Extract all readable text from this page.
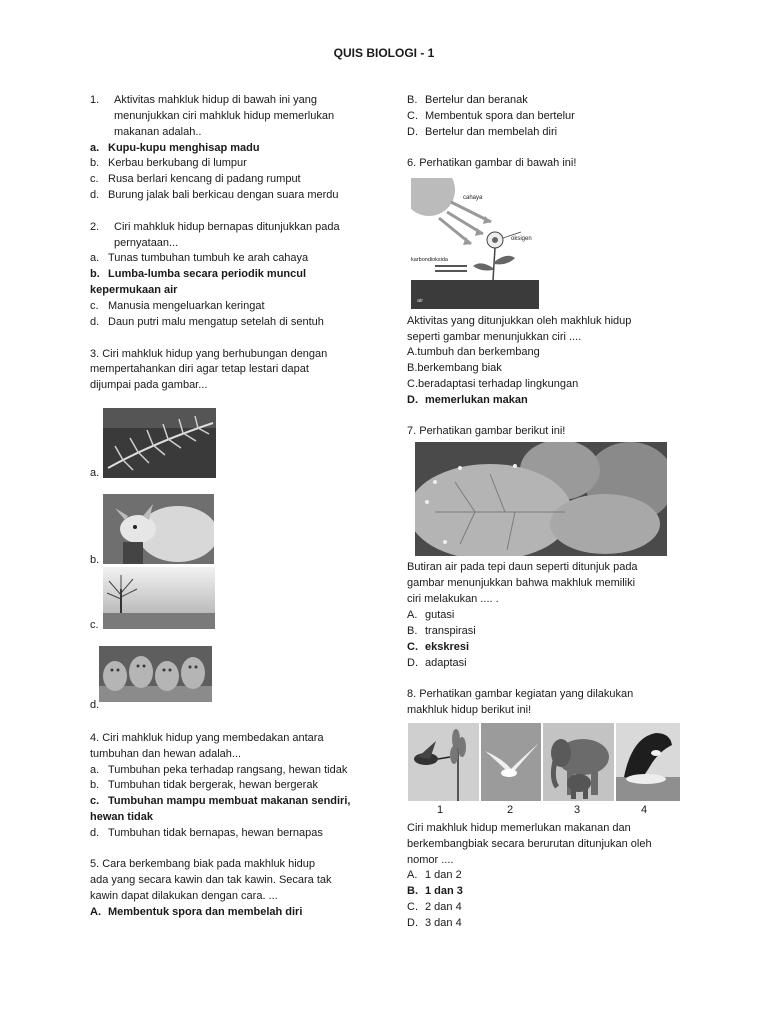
QUIS BIOLOGI - 1
1. Aktivitas mahkluk hidup di bawah ini yang
menunjukkan ciri mahkluk hidup memerlukan
makanan adalah..
a. Kupu-kupu menghisap madu
b. Kerbau berkubang di lumpur
c. Rusa berlari kencang di padang rumput
d. Burung jalak bali berkicau dengan suara merdu
2. Ciri mahkluk hidup bernapas ditunjukkan pada
pernyataan...
a. Tunas tumbuhan tumbuh ke arah cahaya
b. Lumba-lumba secara periodik muncul
kepermukaan air
c. Manusia mengeluarkan keringat
d. Daun putri malu mengatup setelah di sentuh
3. Ciri mahkluk hidup yang berhubungan dengan
mempertahankan diri agar tetap lestari dapat
dijumpai pada gambar...
a.
b.
c.
d.
4. Ciri mahkluk hidup yang membedakan antara
tumbuhan dan hewan adalah...
a. Tumbuhan peka terhadap rangsang, hewan tidak
b. Tumbuhan tidak bergerak, hewan bergerak
c. Tumbuhan mampu membuat makanan sendiri,
hewan tidak
d. Tumbuhan tidak bernapas, hewan bernapas
5. Cara berkembang biak pada makhluk hidup
ada yang secara kawin dan tak kawin. Secara tak
kawin dapat dilakukan dengan cara. ...
A. Membentuk spora dan membelah diri
B. Bertelur dan beranak
C. Membentuk spora dan bertelur
D. Bertelur dan membelah diri
6. Perhatikan gambar di bawah ini!
cahaya
oksigen
karbondioksida
air
Aktivitas yang ditunjukkan oleh makhluk hidup
seperti gambar menunjukkan ciri ....
A.tumbuh dan berkembang
B.berkembang biak
C.beradaptasi terhadap lingkungan
D. memerlukan makan
7. Perhatikan gambar berikut ini!
Butiran air pada tepi daun seperti ditunjuk pada
gambar menunjukkan bahwa makhluk memiliki
ciri melakukan .... .
A. gutasi
B. transpirasi
C. ekskresi
D. adaptasi
8. Perhatikan gambar kegiatan yang dilakukan
makhluk hidup berikut ini!
1	2	3	4
Ciri makhluk hidup memerlukan makanan dan
berkembangbiak secara berurutan ditunjukan oleh
nomor ....
A. 1 dan 2
B. 1 dan 3
C. 2 dan 4
D. 3 dan 4
